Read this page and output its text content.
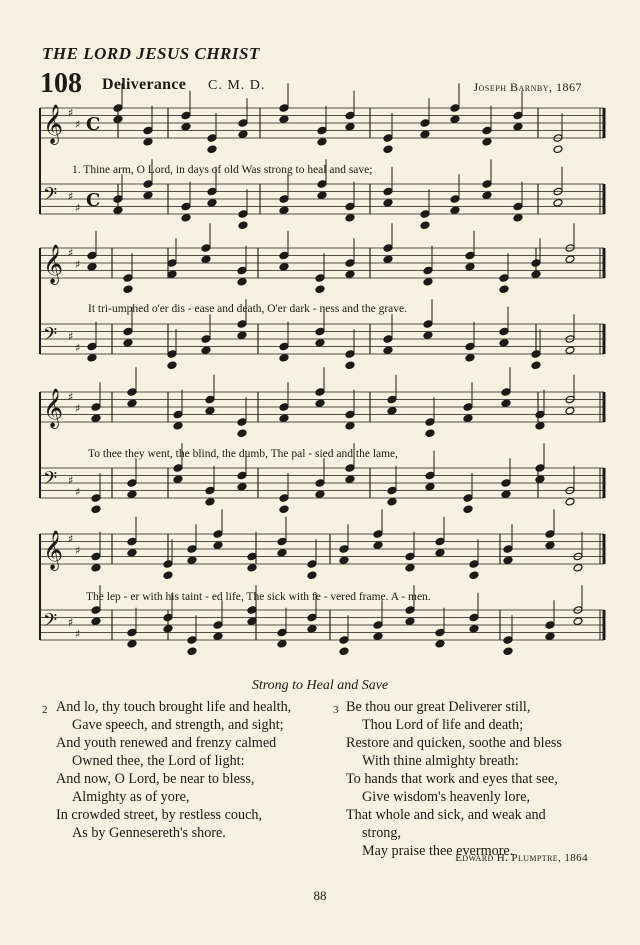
THE LORD JESUS CHRIST
108 Deliverance C. M. D.	Joseph Barnby, 1867
𝄞 ♯
♯ C
𝄢 ♯
♯ C
𝄞 ♯
♯
𝄢 ♯
♯
𝄞 ♯
♯
𝄢 ♯
♯
𝄞 ♯
♯
𝄢 ♯
♯
1. Thine arm, O Lord, in days of old Was strong to heal and save;
It tri-umphed o'er dis - ease and death, O'er dark - ness and the grave.
To thee they went, the blind, the dumb, The pal - sied and the lame,
The lep - er with his taint - ed life, The sick with fe - vered frame. A - men.
Strong to Heal and Save
2 And lo, thy touch brought life and health,
Gave speech, and strength, and sight;
And youth renewed and frenzy calmed
Owned thee, the Lord of light:
And now, O Lord, be near to bless,
Almighty as of yore,
In crowded street, by restless couch,
As by Gennesereth's shore.
3 Be thou our great Deliverer still,
Thou Lord of life and death;
Restore and quicken, soothe and bless
With thine almighty breath:
To hands that work and eyes that see,
Give wisdom's heavenly lore,
That whole and sick, and weak and
strong,
May praise thee evermore.
Edward H. Plumptre, 1864
88
